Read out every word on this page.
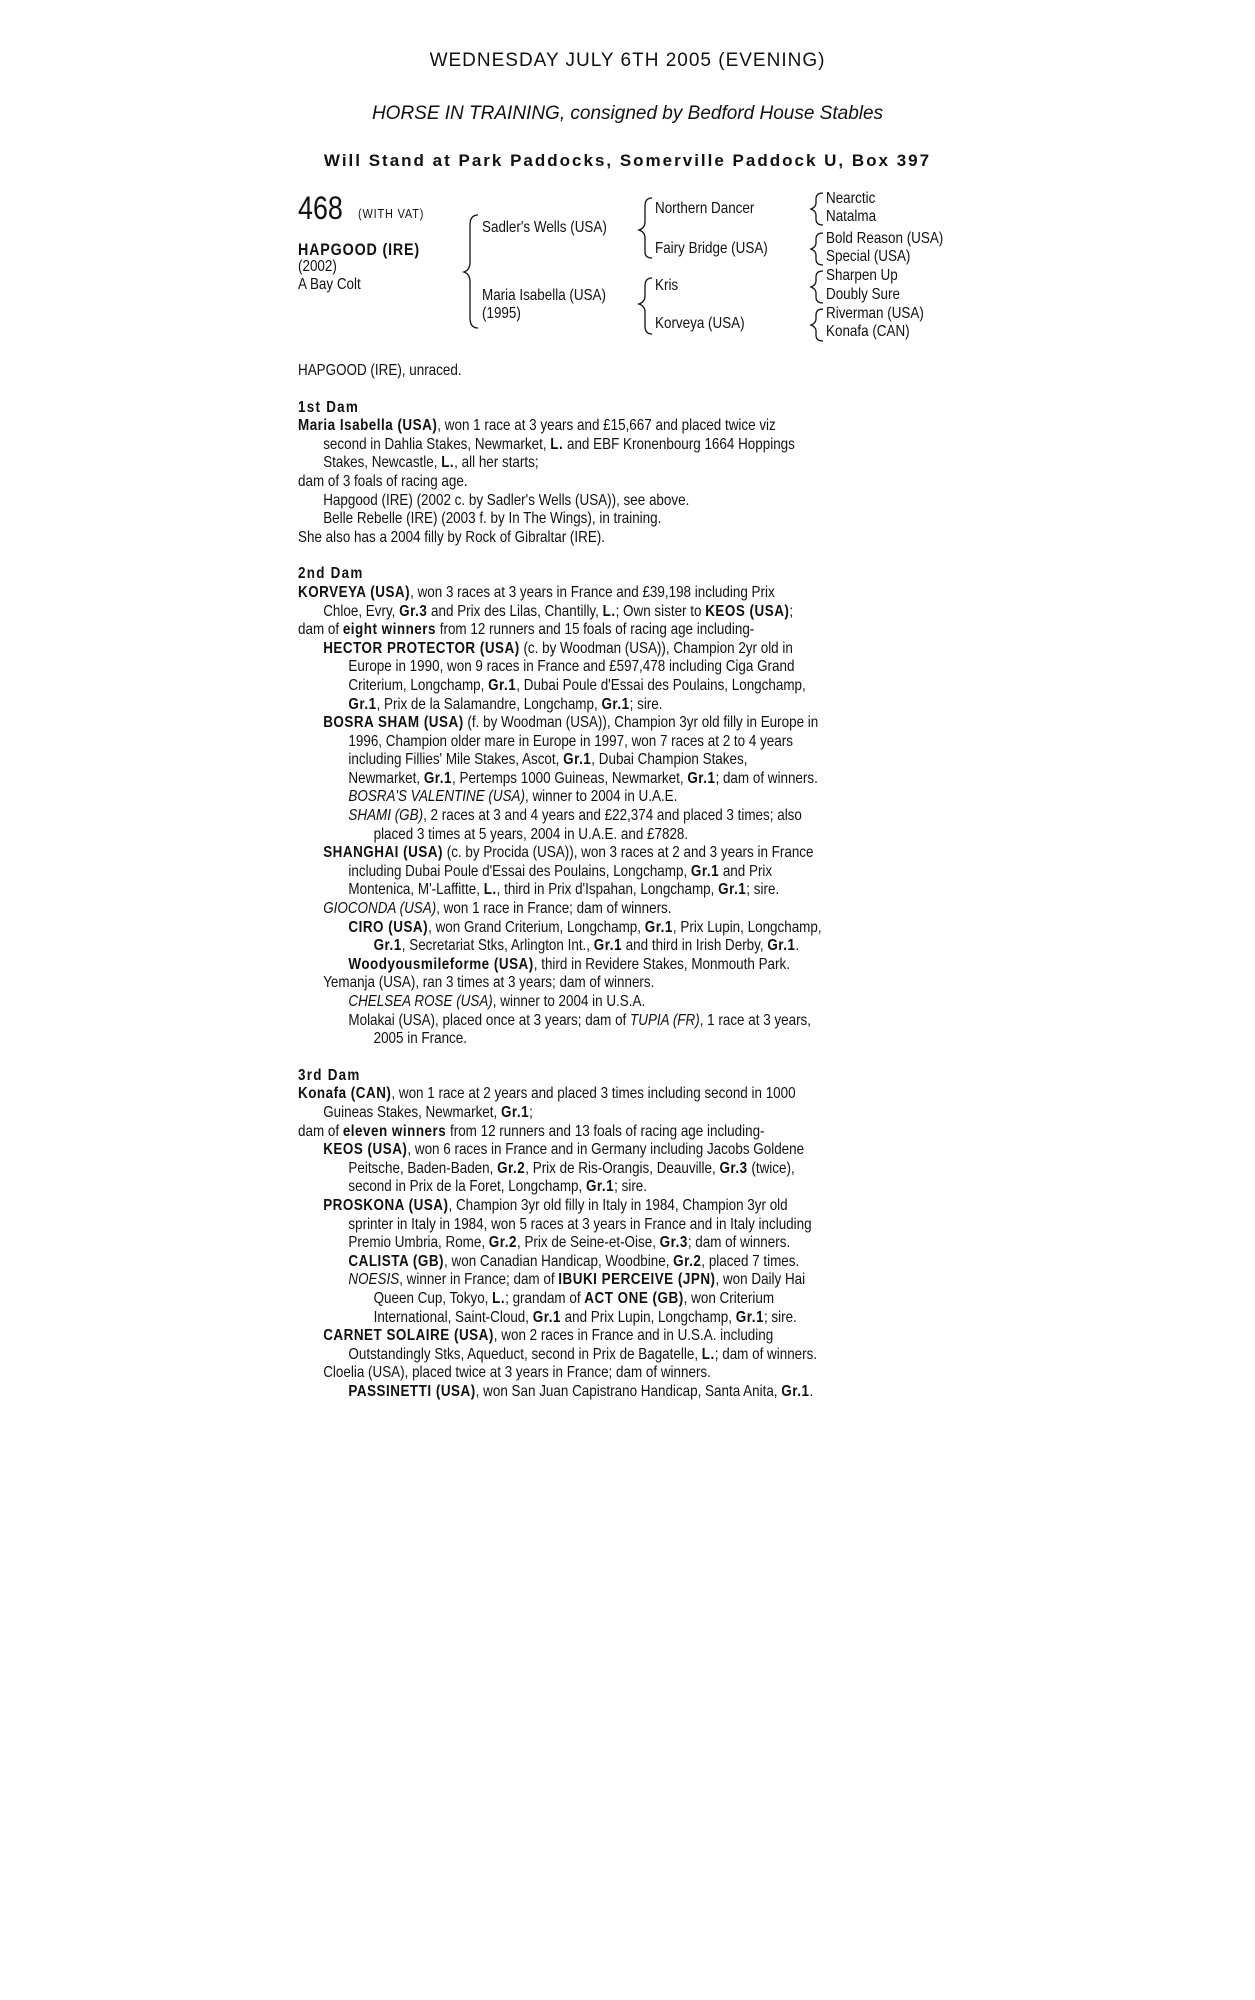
WEDNESDAY JULY 6TH 2005 (EVENING)
HORSE IN TRAINING, consigned by Bedford House Stables
Will Stand at Park Paddocks, Somerville Paddock U, Box 397
468 (WITH VAT)
HAPGOOD (IRE)
(2002)
A Bay Colt
Sadler's Wells (USA)
Maria Isabella (USA)
(1995)
Northern Dancer
Fairy Bridge (USA)
Kris
Korveya (USA)
Nearctic
Natalma
Bold Reason (USA)
Special (USA)
Sharpen Up
Doubly Sure
Riverman (USA)
Konafa (CAN)
HAPGOOD (IRE), unraced.
1st Dam
Maria Isabella (USA), won 1 race at 3 years and £15,667 and placed twice viz
second in Dahlia Stakes, Newmarket, L. and EBF Kronenbourg 1664 Hoppings
Stakes, Newcastle, L., all her starts;
dam of 3 foals of racing age.
Hapgood (IRE) (2002 c. by Sadler's Wells (USA)), see above.
Belle Rebelle (IRE) (2003 f. by In The Wings), in training.
She also has a 2004 filly by Rock of Gibraltar (IRE).
2nd Dam
KORVEYA (USA), won 3 races at 3 years in France and £39,198 including Prix
Chloe, Evry, Gr.3 and Prix des Lilas, Chantilly, L.; Own sister to KEOS (USA);
dam of eight winners from 12 runners and 15 foals of racing age including-
HECTOR PROTECTOR (USA) (c. by Woodman (USA)), Champion 2yr old in
Europe in 1990, won 9 races in France and £597,478 including Ciga Grand
Criterium, Longchamp, Gr.1, Dubai Poule d'Essai des Poulains, Longchamp,
Gr.1, Prix de la Salamandre, Longchamp, Gr.1; sire.
BOSRA SHAM (USA) (f. by Woodman (USA)), Champion 3yr old filly in Europe in
1996, Champion older mare in Europe in 1997, won 7 races at 2 to 4 years
including Fillies' Mile Stakes, Ascot, Gr.1, Dubai Champion Stakes,
Newmarket, Gr.1, Pertemps 1000 Guineas, Newmarket, Gr.1; dam of winners.
BOSRA'S VALENTINE (USA), winner to 2004 in U.A.E.
SHAMI (GB), 2 races at 3 and 4 years and £22,374 and placed 3 times; also
placed 3 times at 5 years, 2004 in U.A.E. and £7828.
SHANGHAI (USA) (c. by Procida (USA)), won 3 races at 2 and 3 years in France
including Dubai Poule d'Essai des Poulains, Longchamp, Gr.1 and Prix
Montenica, M'-Laffitte, L., third in Prix d'Ispahan, Longchamp, Gr.1; sire.
GIOCONDA (USA), won 1 race in France; dam of winners.
CIRO (USA), won Grand Criterium, Longchamp, Gr.1, Prix Lupin, Longchamp,
Gr.1, Secretariat Stks, Arlington Int., Gr.1 and third in Irish Derby, Gr.1.
Woodyousmileforme (USA), third in Revidere Stakes, Monmouth Park.
Yemanja (USA), ran 3 times at 3 years; dam of winners.
CHELSEA ROSE (USA), winner to 2004 in U.S.A.
Molakai (USA), placed once at 3 years; dam of TUPIA (FR), 1 race at 3 years,
2005 in France.
3rd Dam
Konafa (CAN), won 1 race at 2 years and placed 3 times including second in 1000
Guineas Stakes, Newmarket, Gr.1;
dam of eleven winners from 12 runners and 13 foals of racing age including-
KEOS (USA), won 6 races in France and in Germany including Jacobs Goldene
Peitsche, Baden-Baden, Gr.2, Prix de Ris-Orangis, Deauville, Gr.3 (twice),
second in Prix de la Foret, Longchamp, Gr.1; sire.
PROSKONA (USA), Champion 3yr old filly in Italy in 1984, Champion 3yr old
sprinter in Italy in 1984, won 5 races at 3 years in France and in Italy including
Premio Umbria, Rome, Gr.2, Prix de Seine-et-Oise, Gr.3; dam of winners.
CALISTA (GB), won Canadian Handicap, Woodbine, Gr.2, placed 7 times.
NOESIS, winner in France; dam of IBUKI PERCEIVE (JPN), won Daily Hai
Queen Cup, Tokyo, L.; grandam of ACT ONE (GB), won Criterium
International, Saint-Cloud, Gr.1 and Prix Lupin, Longchamp, Gr.1; sire.
CARNET SOLAIRE (USA), won 2 races in France and in U.S.A. including
Outstandingly Stks, Aqueduct, second in Prix de Bagatelle, L.; dam of winners.
Cloelia (USA), placed twice at 3 years in France; dam of winners.
PASSINETTI (USA), won San Juan Capistrano Handicap, Santa Anita, Gr.1.
